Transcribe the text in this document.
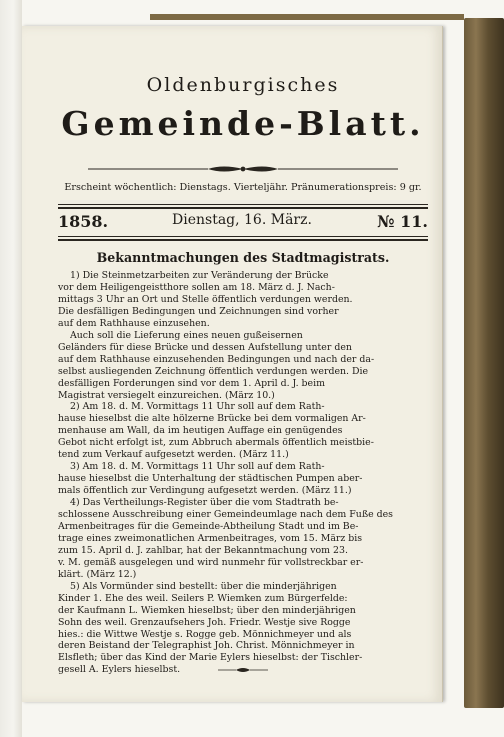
Oldenburgisches
Gemeinde-Blatt.
Erscheint wöchentlich: Dienstags. Vierteljähr. Pränumerationspreis: 9 gr.
1858.	Dienstag, 16. März.	№ 11.
Bekanntmachungen des Stadtmagistrats.
1) Die Steinmetzarbeiten zur Veränderung der Brücke
vor dem Heiligengeistthore sollen am 18. März d. J. Nach-
mittags 3 Uhr an Ort und Stelle öffentlich verdungen werden.
Die desfälligen Bedingungen und Zeichnungen sind vorher
auf dem Rathhause einzusehen.
Auch soll die Lieferung eines neuen gußeisernen
Geländers für diese Brücke und dessen Aufstellung unter den
auf dem Rathhause einzusehenden Bedingungen und nach der da-
selbst ausliegenden Zeichnung öffentlich verdungen werden. Die
desfälligen Forderungen sind vor dem 1. April d. J. beim
Magistrat versiegelt einzureichen. (März 10.)
2) Am 18. d. M. Vormittags 11 Uhr soll auf dem Rath-
hause hieselbst die alte hölzerne Brücke bei dem vormaligen Ar-
menhause am Wall, da im heutigen Auffage ein genügendes
Gebot nicht erfolgt ist, zum Abbruch abermals öffentlich meistbie-
tend zum Verkauf aufgesetzt werden. (März 11.)
3) Am 18. d. M. Vormittags 11 Uhr soll auf dem Rath-
hause hieselbst die Unterhaltung der städtischen Pumpen aber-
mals öffentlich zur Verdingung aufgesetzt werden. (März 11.)
4) Das Vertheilungs-Register über die vom Stadtrath be-
schlossene Ausschreibung einer Gemeindeumlage nach dem Fuße des
Armenbeitrages für die Gemeinde-Abtheilung Stadt und im Be-
trage eines zweimonatlichen Armenbeitrages, vom 15. März bis
zum 15. April d. J. zahlbar, hat der Bekanntmachung vom 23.
v. M. gemäß ausgelegen und wird nunmehr für vollstreckbar er-
klärt. (März 12.)
5) Als Vormünder sind bestellt: über die minderjährigen
Kinder 1. Ehe des weil. Seilers P. Wiemken zum Bürgerfelde:
der Kaufmann L. Wiemken hieselbst; über den minderjährigen
Sohn des weil. Grenzaufsehers Joh. Friedr. Westje sive Rogge
hies.: die Wittwe Westje s. Rogge geb. Mönnichmeyer und als
deren Beistand der Telegraphist Joh. Christ. Mönnichmeyer in
Elsfleth; über das Kind der Marie Eylers hieselbst: der Tischler-
gesell A. Eylers hieselbst.
